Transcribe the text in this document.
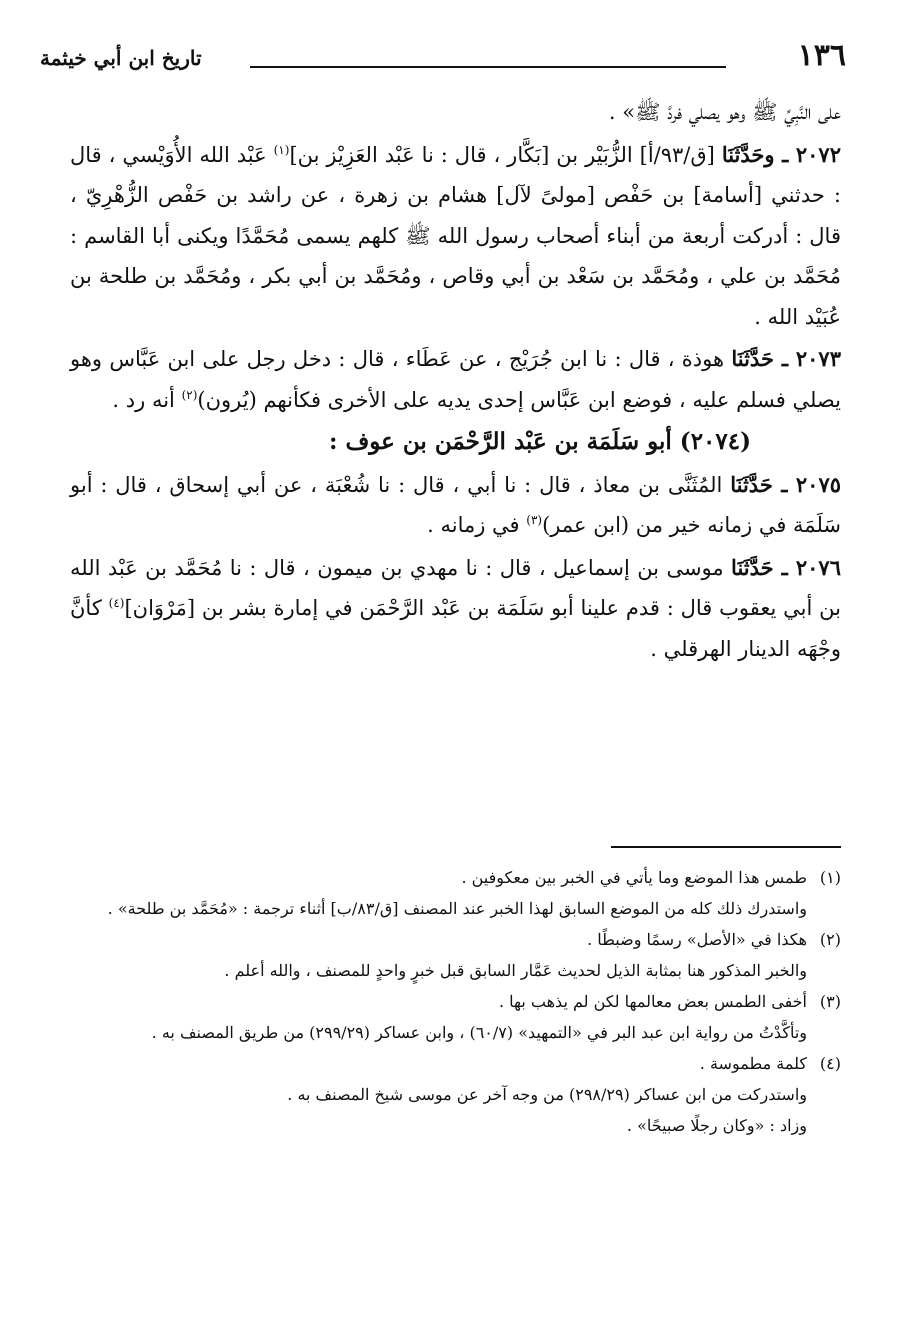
١٣٦
تاريخ ابن أبي خيثمة

على النَّبِيِّ ﷺ وهو يصلي فردَّ ﷺ» .

٢٠٧٢ ـ وحَدَّثَنَا [ق/٩٣/أ] الزُّبَيْر بن [بَكَّار ، قال : نا عَبْد العَزِيْز بن]$^{(١)}$ عَبْد الله الأُوَيْسي ، قال : حدثني [أسامة] بن حَفْص [مولىً لآل] هشام بن زهرة ، عن راشد بن حَفْص الزُّهْرِيّ ، قال : أدركت أربعة من أبناء أصحاب رسول الله ﷺ كلهم يسمى مُحَمَّدًا ويكنى أبا القاسم : مُحَمَّد بن علي ، ومُحَمَّد بن سَعْد بن أبي وقاص ، ومُحَمَّد بن أبي بكر ، ومُحَمَّد بن طلحة بن عُبَيْد الله .

٢٠٧٣ ـ حَدَّثَنَا هوذة ، قال : نا ابن جُرَيْج ، عن عَطَاء ، قال : دخل رجل على ابن عَبَّاس وهو يصلي فسلم عليه ، فوضع ابن عَبَّاس إحدى يديه على الأخرى فكأنهم (يُرون)$^{(٢)}$ أنه رد .

(٢٠٧٤) أبو سَلَمَة بن عَبْد الرَّحْمَن بن عوف :

٢٠٧٥ ـ حَدَّثَنَا المُثَنَّى بن معاذ ، قال : نا أبي ، قال : نا شُعْبَة ، عن أبي إسحاق ، قال : أبو سَلَمَة في زمانه خير من (ابن عمر)$^{(٣)}$ في زمانه .

٢٠٧٦ ـ حَدَّثَنَا موسى بن إسماعيل ، قال : نا مهدي بن ميمون ، قال : نا مُحَمَّد بن عَبْد الله بن أبي يعقوب قال : قدم علينا أبو سَلَمَة بن عَبْد الرَّحْمَن في إمارة بشر بن [مَرْوَان]$^{(٤)}$ كأنَّ وجْهَه الدينار الهرقلي .

(١)طمس هذا الموضع وما يأتي في الخبر بين معكوفين .

واستدرك ذلك كله من الموضع السابق لهذا الخبر عند المصنف [ق/٨٣/ب] أثناء ترجمة : «مُحَمَّد بن طلحة» .

(٢)هكذا في «الأصل» رسمًا وضبطًا .

والخبر المذكور هنا بمثابة الذيل لحديث عَمَّار السابق قبل خبرٍ واحدٍ للمصنف ، والله أعلم .

(٣)أخفى الطمس بعض معالمها لكن لم يذهب بها .

وتأكَّدْتُ من رواية ابن عبد البر في «التمهيد» (٦٠/٧) ، وابن عساكر (٢٩٩/٢٩) من طريق المصنف به .

(٤)كلمة مطموسة .

واستدركت من ابن عساكر (٢٩٨/٢٩) من وجه آخر عن موسى شيخ المصنف به .

وزاد : «وكان رجلًا صبيحًا» .
